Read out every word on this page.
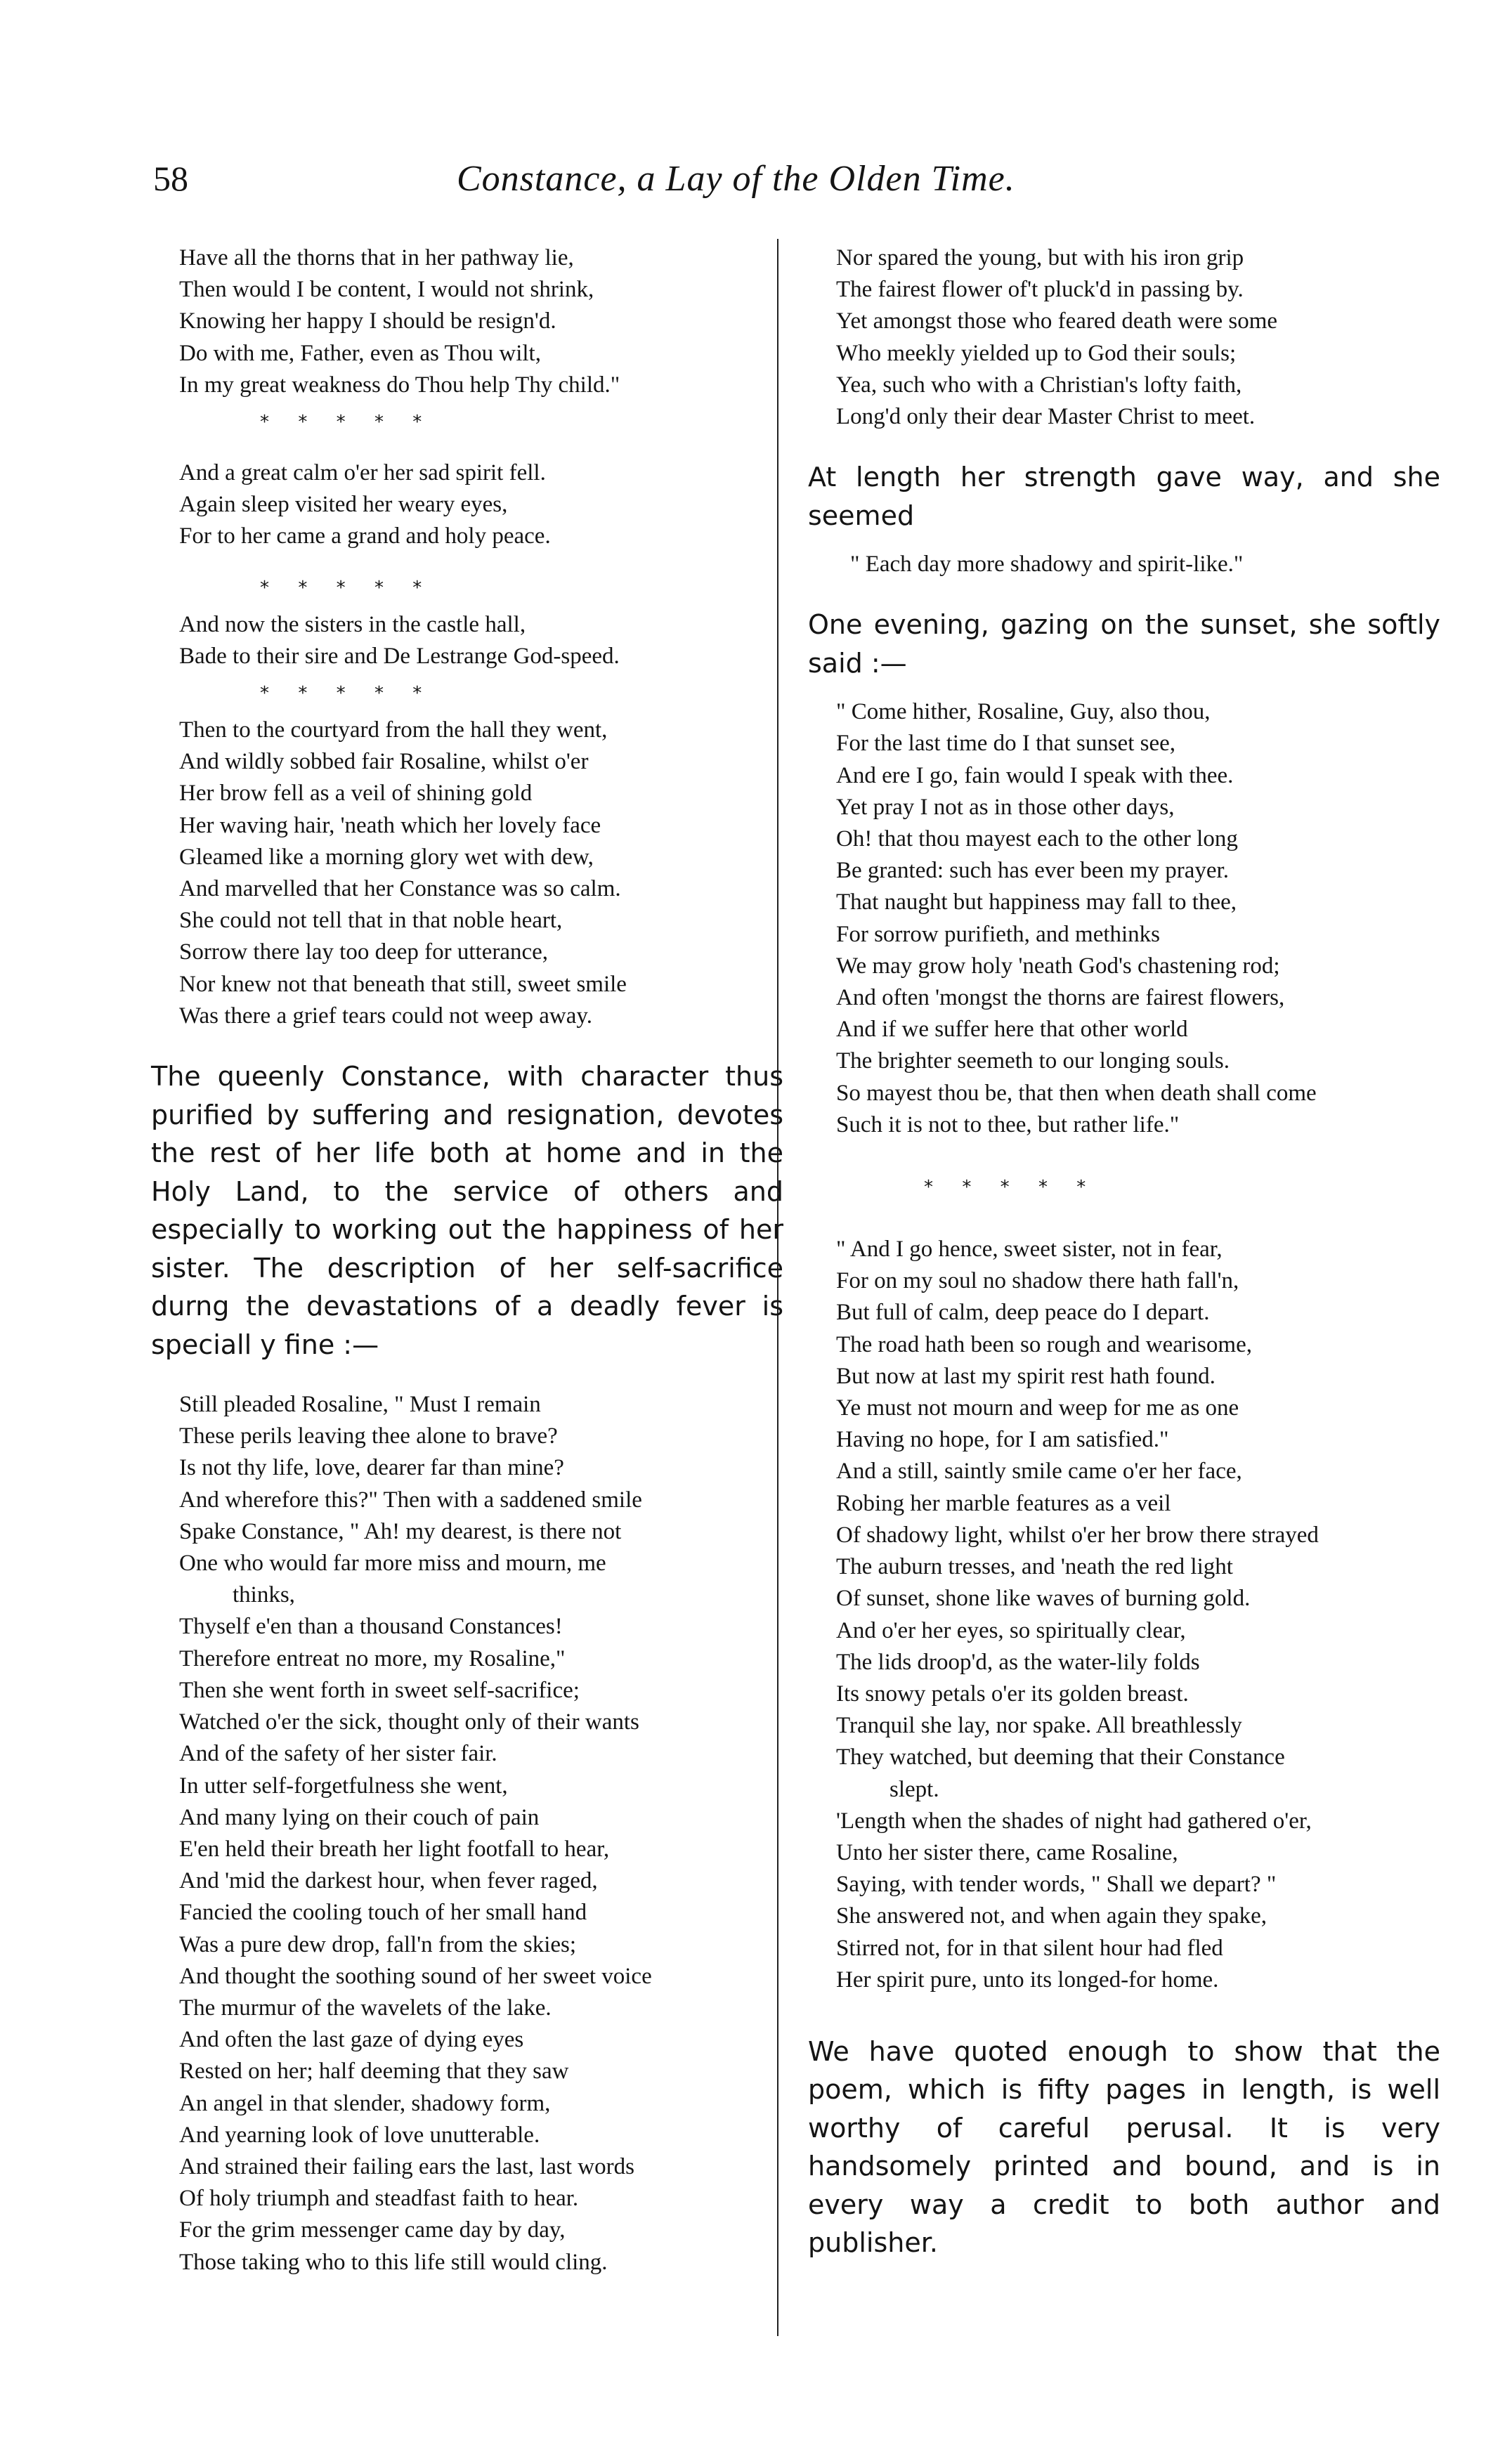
58	Constance, a Lay of the Olden Time.
Have all the thorns that in her pathway lie,
Then would I be content, I would not shrink,
Knowing her happy I should be resign'd.
Do with me, Father, even as Thou wilt,
In my great weakness do Thou help Thy child."
*     *     *     *     *
And a great calm o'er her sad spirit fell.
Again sleep visited her weary eyes,
For to her came a grand and holy peace.
*     *     *     *     *
And now the sisters in the castle hall,
Bade to their sire and De Lestrange God-speed.
*     *     *     *     *
Then to the courtyard from the hall they went,
And wildly sobbed fair Rosaline, whilst o'er
Her brow fell as a veil of shining gold
Her waving hair, 'neath which her lovely face
Gleamed like a morning glory wet with dew,
And marvelled that her Constance was so calm.
She could not tell that in that noble heart,
Sorrow there lay too deep for utterance,
Nor knew not that beneath that still, sweet smile
Was there a grief tears could not weep away.

The queenly Constance, with character thus purified by suffering and resignation, devotes the rest of her life both at home and in the Holy Land, to the service of others and especially to working out the happiness of her sister. The description of her self-sacrifice durng the devastations of a deadly fever is speciall y fine :—

Still pleaded Rosaline, " Must I remain
These perils leaving thee alone to brave?
Is not thy life, love, dearer far than mine?
And wherefore this?" Then with a saddened smile
Spake Constance, " Ah! my dearest, is there not
One who would far more miss and mourn, me
thinks,
Thyself e'en than a thousand Constances!
Therefore entreat no more, my Rosaline,"
Then she went forth in sweet self-sacrifice;
Watched o'er the sick, thought only of their wants
And of the safety of her sister fair.
In utter self-forgetfulness she went,
And many lying on their couch of pain
E'en held their breath her light footfall to hear,
And 'mid the darkest hour, when fever raged,
Fancied the cooling touch of her small hand
Was a pure dew drop, fall'n from the skies;
And thought the soothing sound of her sweet voice
The murmur of the wavelets of the lake.
And often the last gaze of dying eyes
Rested on her; half deeming that they saw
An angel in that slender, shadowy form,
And yearning look of love unutterable.
And strained their failing ears the last, last words
Of holy triumph and steadfast faith to hear.
For the grim messenger came day by day,
Those taking who to this life still would cling.
Nor spared the young, but with his iron grip
The fairest flower of't pluck'd in passing by.
Yet amongst those who feared death were some
Who meekly yielded up to God their souls;
Yea, such who with a Christian's lofty faith,
Long'd only their dear Master Christ to meet.

At length her strength gave way, and she seemed

" Each day more shadowy and spirit-like."

One evening, gazing on the sunset, she softly said :—

" Come hither, Rosaline, Guy, also thou,
For the last time do I that sunset see,
And ere I go, fain would I speak with thee.
Yet pray I not as in those other days,
Oh! that thou mayest each to the other long
Be granted: such has ever been my prayer.
That naught but happiness may fall to thee,
For sorrow purifieth, and methinks
We may grow holy 'neath God's chastening rod;
And often 'mongst the thorns are fairest flowers,
And if we suffer here that other world
The brighter seemeth to our longing souls.
So mayest thou be, that then when death shall come
Such it is not to thee, but rather life."
*     *     *     *     *
" And I go hence, sweet sister, not in fear,
For on my soul no shadow there hath fall'n,
But full of calm, deep peace do I depart.
The road hath been so rough and wearisome,
But now at last my spirit rest hath found.
Ye must not mourn and weep for me as one
Having no hope, for I am satisfied."
And a still, saintly smile came o'er her face,
Robing her marble features as a veil
Of shadowy light, whilst o'er her brow there strayed
The auburn tresses, and 'neath the red light
Of sunset, shone like waves of burning gold.
And o'er her eyes, so spiritually clear,
The lids droop'd, as the water-lily folds
Its snowy petals o'er its golden breast.
Tranquil she lay, nor spake. All breathlessly
They watched, but deeming that their Constance
slept.
'Length when the shades of night had gathered o'er,
Unto her sister there, came Rosaline,
Saying, with tender words, " Shall we depart? "
She answered not, and when again they spake,
Stirred not, for in that silent hour had fled
Her spirit pure, unto its longed-for home.

We have quoted enough to show that the poem, which is fifty pages in length, is well worthy of careful perusal. It is very handsomely printed and bound, and is in every way a credit to both author and publisher.
